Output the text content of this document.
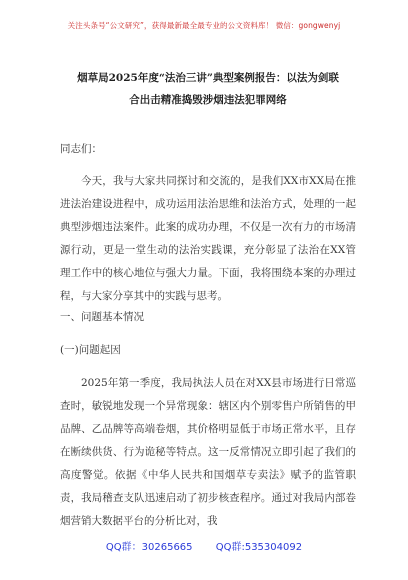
关注头条号“公文研究”，获得最新最全最专业的公文资料库！ 微信：gongwenyj
烟草局2025年度“法治三讲”典型案例报告：以法为剑联
合出击精准捣毁涉烟违法犯罪网络
同志们：
今天，我与大家共同探讨和交流的，是我们XX市XX局在推进法治建设进程中，成功运用法治思维和法治方式，处理的一起典型涉烟违法案件。此案的成功办理，不仅是一次有力的市场清源行动，更是一堂生动的法治实践课，充分彰显了法治在XX管理工作中的核心地位与强大力量。下面，我将围绕本案的办理过程，与大家分享其中的实践与思考。
一、问题基本情况
(一)问题起因
2025年第一季度，我局执法人员在对XX县市场进行日常巡查时，敏锐地发现一个异常现象：辖区内个别零售户所销售的甲品牌、乙品牌等高端卷烟，其价格明显低于市场正常水平，且存在断续供货、行为诡秘等特点。这一反常情况立即引起了我们的高度警觉。依据《中华人民共和国烟草专卖法》赋予的监管职责，我局稽查支队迅速启动了初步核查程序。通过对我局内部卷烟营销大数据平台的分析比对，我
QQ群：30265665 QQ群:535304092
